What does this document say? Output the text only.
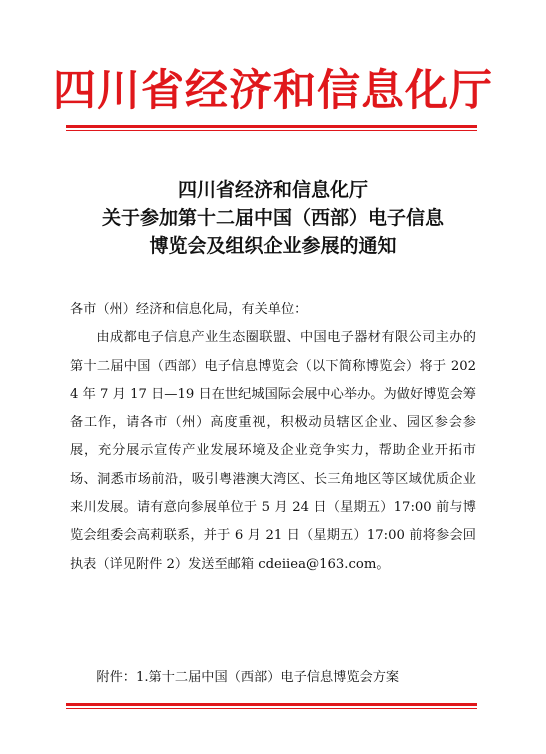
四川省经济和信息化厅
四川省经济和信息化厅
关于参加第十二届中国（西部）电子信息
博览会及组织企业参展的通知
各市（州）经济和信息化局，有关单位：
由成都电子信息产业生态圈联盟、中国电子器材有限公司主办的第十二届中国（西部）电子信息博览会（以下简称博览会）将于 2024 年 7 月 17 日—19 日在世纪城国际会展中心举办。为做好博览会筹备工作，请各市（州）高度重视，积极动员辖区企业、园区参会参展，充分展示宣传产业发展环境及企业竞争实力，帮助企业开拓市场、洞悉市场前沿，吸引粤港澳大湾区、长三角地区等区域优质企业来川发展。请有意向参展单位于 5 月 24 日（星期五）17:00 前与博览会组委会高莉联系，并于 6 月 21 日（星期五）17:00 前将参会回执表（详见附件 2）发送至邮箱 cdeiiea@163.com。
附件：1.第十二届中国（西部）电子信息博览会方案
